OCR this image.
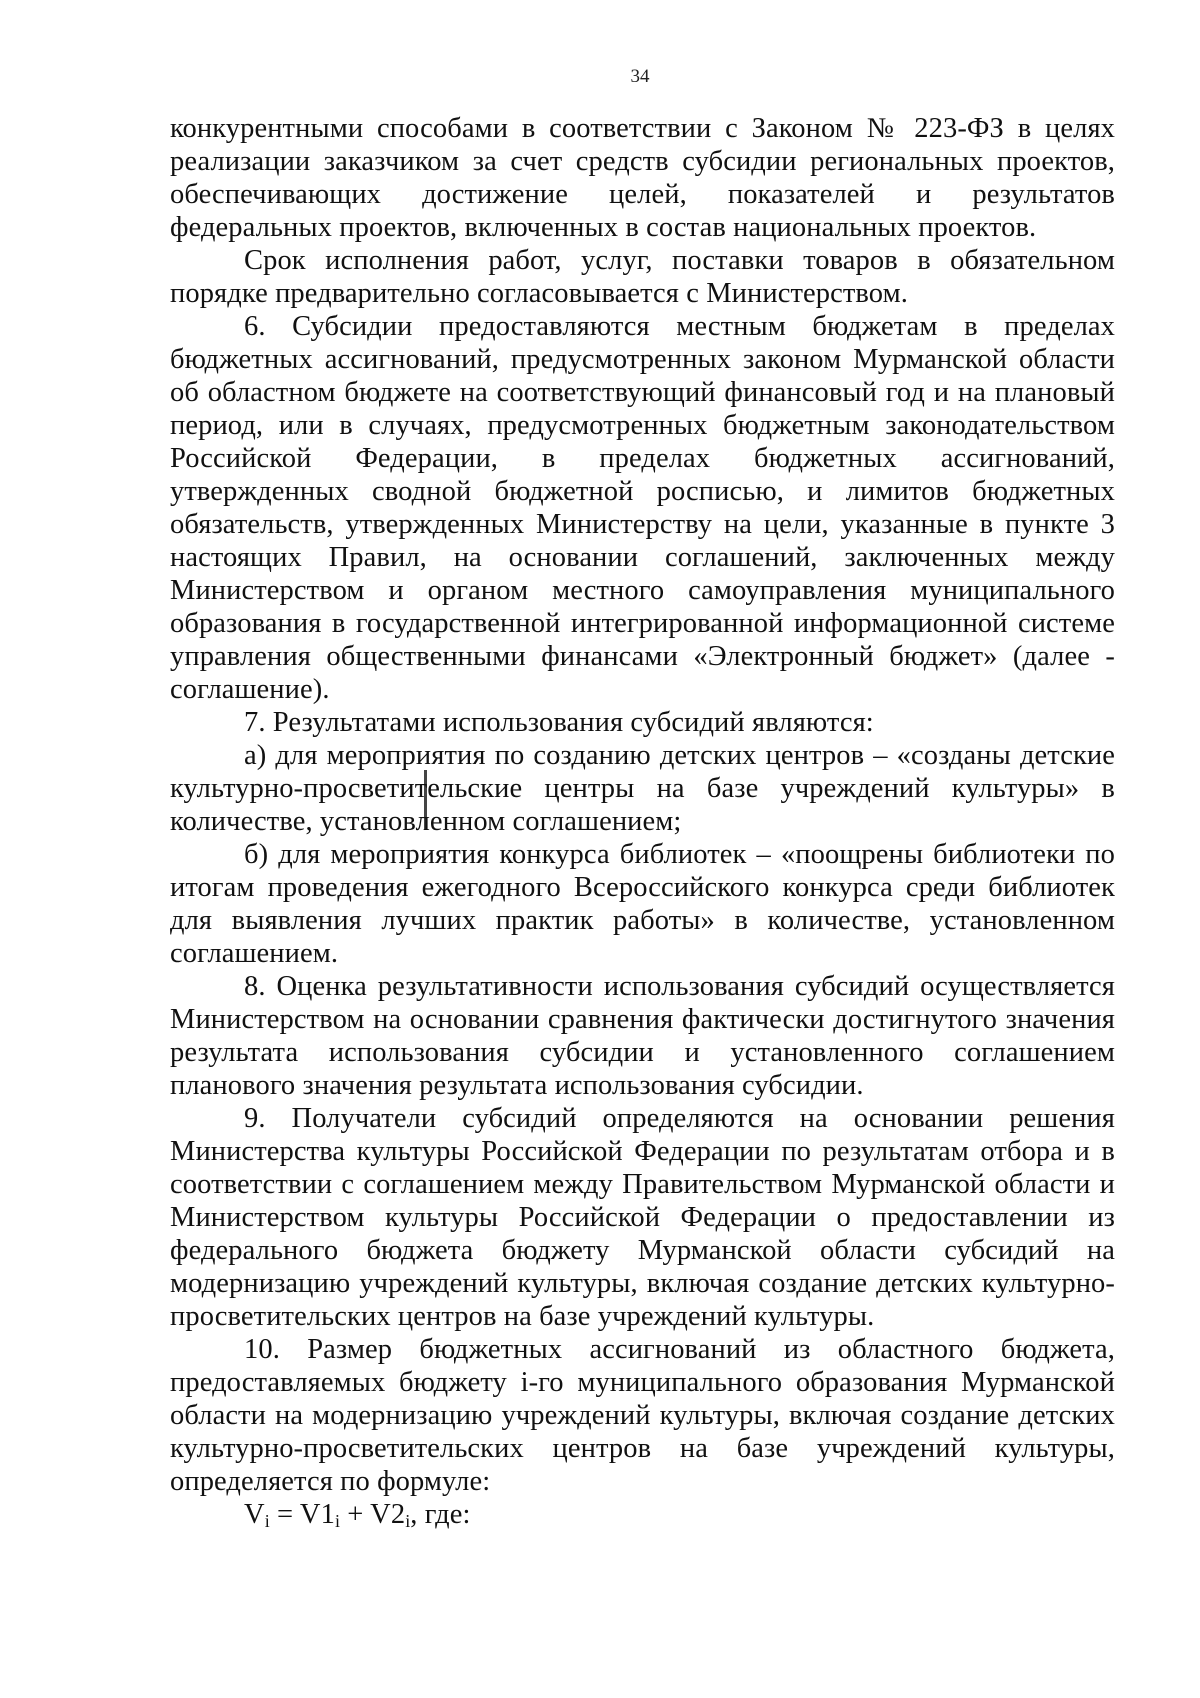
34

конкурентными способами в соответствии с Законом № 223-ФЗ в целях реализации заказчиком за счет средств субсидии региональных проектов, обеспечивающих достижение целей, показателей и результатов федеральных проектов, включенных в состав национальных проектов.

Срок исполнения работ, услуг, поставки товаров в обязательном порядке предварительно согласовывается с Министерством.

6. Субсидии предоставляются местным бюджетам в пределах бюджетных ассигнований, предусмотренных законом Мурманской области об областном бюджете на соответствующий финансовый год и на плановый период, или в случаях, предусмотренных бюджетным законодательством Российской Федерации, в пределах бюджетных ассигнований, утвержденных сводной бюджетной росписью, и лимитов бюджетных обязательств, утвержденных Министерству на цели, указанные в пункте 3 настоящих Правил, на основании соглашений, заключенных между Министерством и органом местного самоуправления муниципального образования в государственной интегрированной информационной системе управления общественными финансами «Электронный бюджет» (далее - соглашение).

7. Результатами использования субсидий являются:

а) для мероприятия по созданию детских центров – «созданы детские культурно-просветительские центры на базе учреждений культуры» в количестве, установленном соглашением;

б) для мероприятия конкурса библиотек – «поощрены библиотеки по итогам проведения ежегодного Всероссийского конкурса среди библиотек для выявления лучших практик работы» в количестве, установленном соглашением.

8. Оценка результативности использования субсидий осуществляется Министерством на основании сравнения фактически достигнутого значения результата использования субсидии и установленного соглашением планового значения результата использования субсидии.

9. Получатели субсидий определяются на основании решения Министерства культуры Российской Федерации по результатам отбора и в соответствии с соглашением между Правительством Мурманской области и Министерством культуры Российской Федерации о предоставлении из федерального бюджета бюджету Мурманской области субсидий на модернизацию учреждений культуры, включая создание детских культурно-просветительских центров на базе учреждений культуры.

10. Размер бюджетных ассигнований из областного бюджета, предоставляемых бюджету i-го муниципального образования Мурманской области на модернизацию учреждений культуры, включая создание детских культурно-просветительских центров на базе учреждений культуры, определяется по формуле:

$V_i = V1_i + V2_i$, где:
